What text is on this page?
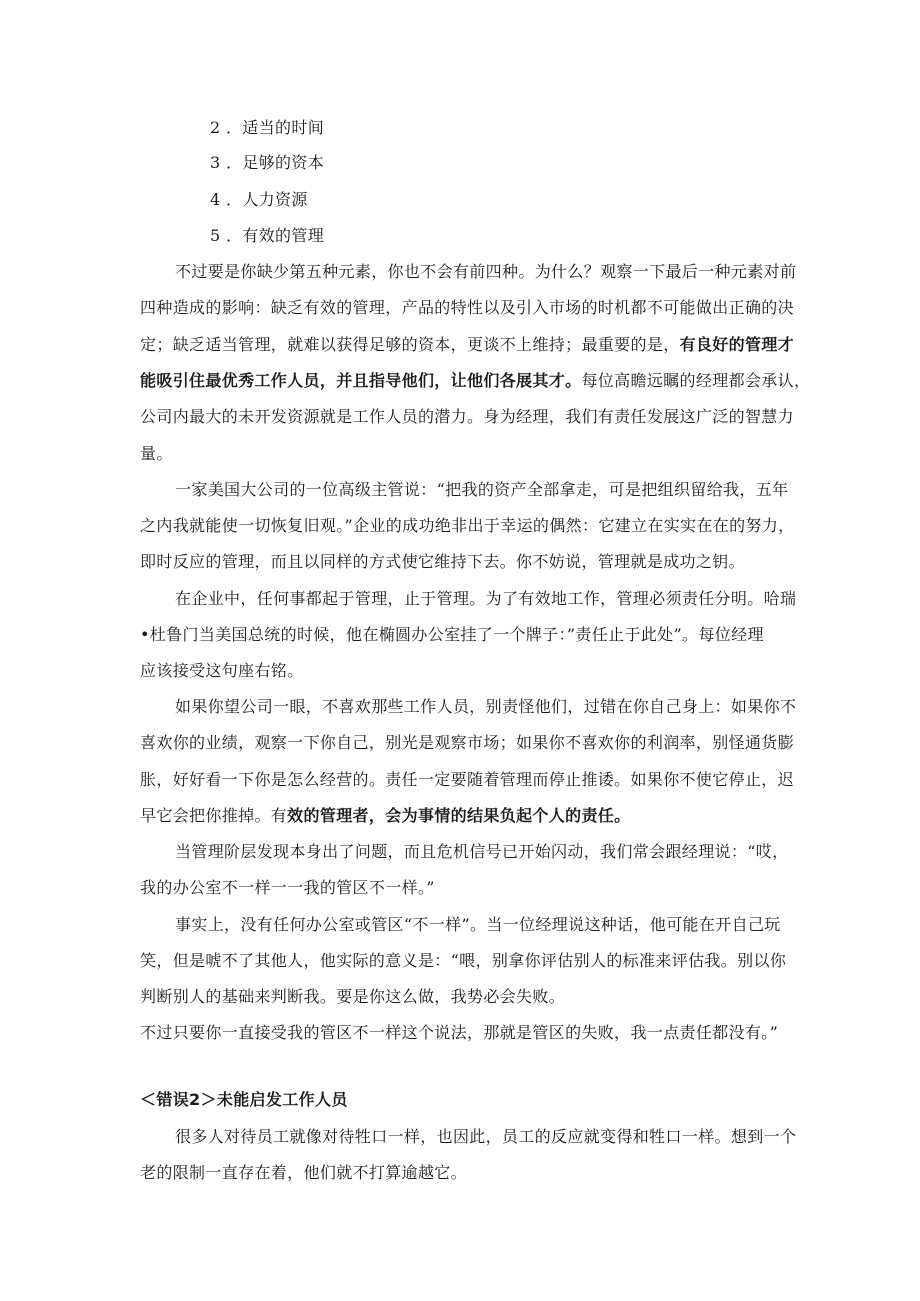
2 ．适当的时间
3 ．足够的资本
4 ．人力资源
5 ．有效的管理
不过要是你缺少第五种元素，你也不会有前四种。为什么？观察一下最后一种元素对前
四种造成的影响：缺乏有效的管理，产品的特性以及引入市场的时机都不可能做出正确的决
定；缺乏适当管理，就难以获得足够的资本，更谈不上维持；最重要的是，有良好的管理才
能吸引住最优秀工作人员，并且指导他们，让他们各展其才。每位高瞻远瞩的经理都会承认，
公司内最大的未开发资源就是工作人员的潜力。身为经理，我们有责任发展这广泛的智慧力
量。
一家美国大公司的一位高级主管说：“把我的资产全部拿走，可是把组织留给我，五年
之内我就能使一切恢复旧观。”企业的成功绝非出于幸运的偶然：它建立在实实在在的努力，
即时反应的管理，而且以同样的方式使它维持下去。你不妨说，管理就是成功之钥。
在企业中，任何事都起于管理，止于管理。为了有效地工作，管理必须责任分明。哈瑞
•杜鲁门当美国总统的时候，他在椭圆办公室挂了一个牌子：”责任止于此处”。每位经理
应该接受这句座右铭。
如果你望公司一眼，不喜欢那些工作人员，别责怪他们，过错在你自己身上：如果你不
喜欢你的业绩，观察一下你自己，别光是观察市场；如果你不喜欢你的利润率，别怪通货膨
胀，好好看一下你是怎么经营的。责任一定要随着管理而停止推诿。如果你不使它停止，迟
早它会把你推掉。有效的管理者，会为事情的结果负起个人的责任。
当管理阶层发现本身出了问题，而且危机信号已开始闪动，我们常会跟经理说：“哎，
我的办公室不一样一一我的管区不一样。”
事实上，没有任何办公室或管区“不一样”。当一位经理说这种话，他可能在开自己玩
笑，但是唬不了其他人，他实际的意义是：“喂，别拿你评估别人的标准来评估我。别以你
判断别人的基础来判断我。要是你这么做，我势必会失败。
不过只要你一直接受我的管区不一样这个说法，那就是管区的失败，我一点责任都没有。”
＜错误2＞未能启发工作人员
很多人对待员工就像对待牲口一样，也因此，员工的反应就变得和牲口一样。想到一个
老的限制一直存在着，他们就不打算逾越它。
